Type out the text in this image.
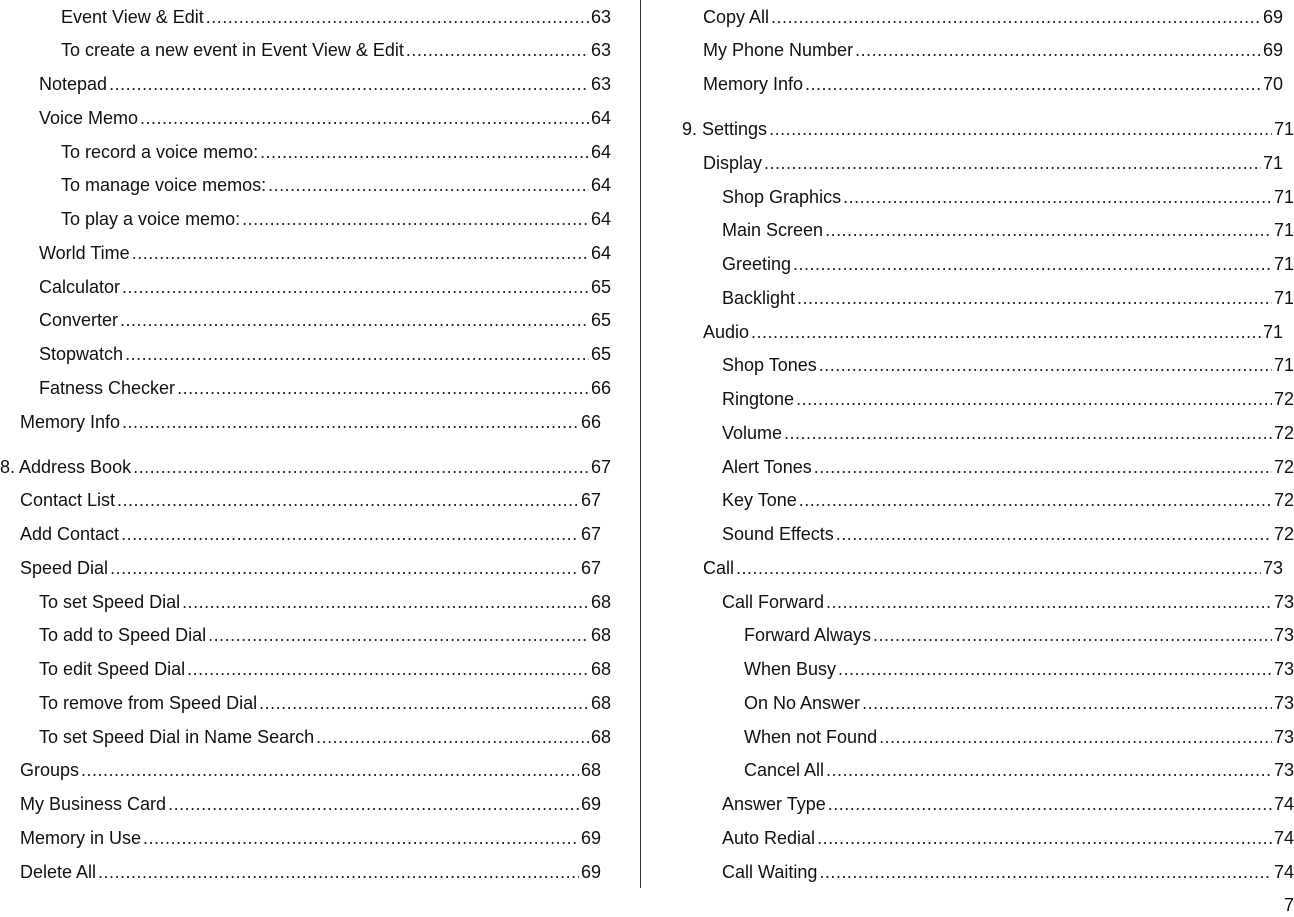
Event View & Edit .....	63
To create a new event in Event View & Edit .....	63
Notepad .....	63
Voice Memo .....	64
To record a voice memo: .....	64
To manage voice memos: .....	64
To play a voice memo: .....	64
World Time .....	64
Calculator .....	65
Converter .....	65
Stopwatch .....	65
Fatness Checker .....	66
Memory Info .....	66
8. Address Book .....	67
Contact List .....	67
Add Contact .....	67
Speed Dial .....	67
To set Speed Dial .....	68
To add to Speed Dial .....	68
To edit Speed Dial .....	68
To remove from Speed Dial .....	68
To set Speed Dial in Name Search .....	68
Groups .....	68
My Business Card .....	69
Memory in Use .....	69
Delete All .....	69
Copy All .....	69
My Phone Number .....	69
Memory Info .....	70
9. Settings .....	71
Display .....	71
Shop Graphics .....	71
Main Screen .....	71
Greeting .....	71
Backlight .....	71
Audio .....	71
Shop Tones .....	71
Ringtone .....	72
Volume .....	72
Alert Tones .....	72
Key Tone .....	72
Sound Effects .....	72
Call .....	73
Call Forward .....	73
Forward Always .....	73
When Busy .....	73
On No Answer .....	73
When not Found .....	73
Cancel All .....	73
Answer Type .....	74
Auto Redial .....	74
Call Waiting .....	74
7
